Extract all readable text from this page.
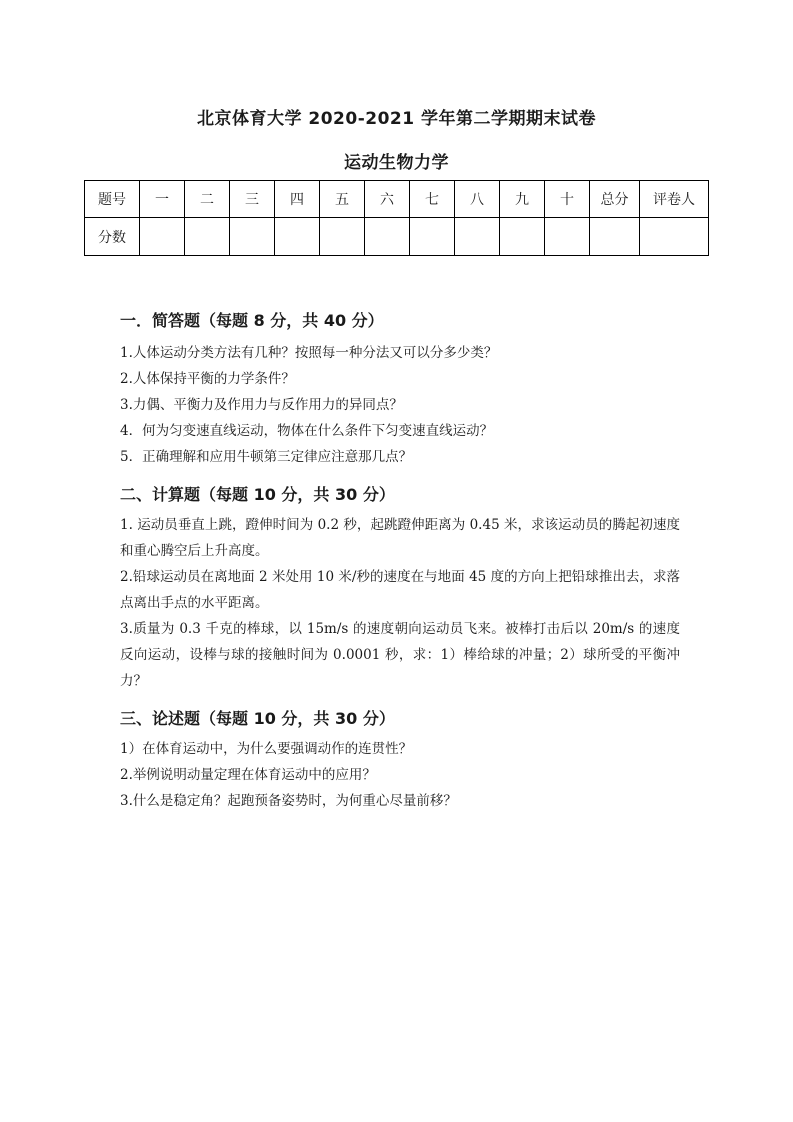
北京体育大学 2020-2021 学年第二学期期末试卷
运动生物力学
题号	一	二	三	四	五	六	七	八	九	十	总分	评卷人
分数												
一．简答题（每题 8 分，共 40 分）
1.人体运动分类方法有几种？按照每一种分法又可以分多少类？
2.人体保持平衡的力学条件？
3.力偶、平衡力及作用力与反作用力的异同点？
4．何为匀变速直线运动，物体在什么条件下匀变速直线运动？
5．正确理解和应用牛顿第三定律应注意那几点？
二、计算题（每题 10 分，共 30 分）
1. 运动员垂直上跳，蹬伸时间为 0.2 秒，起跳蹬伸距离为 0.45 米，求该运动员的腾起初速度和重心腾空后上升高度。
2.铅球运动员在离地面 2 米处用 10 米/秒的速度在与地面 45 度的方向上把铅球推出去，求落点离出手点的水平距离。
3.质量为 0.3 千克的棒球，以 15m/s 的速度朝向运动员飞来。被棒打击后以 20m/s 的速度反向运动，设棒与球的接触时间为 0.0001 秒，求：1）棒给球的冲量；2）球所受的平衡冲力？
三、论述题（每题 10 分，共 30 分）
1）在体育运动中，为什么要强调动作的连贯性？
2.举例说明动量定理在体育运动中的应用？
3.什么是稳定角？起跑预备姿势时，为何重心尽量前移？
